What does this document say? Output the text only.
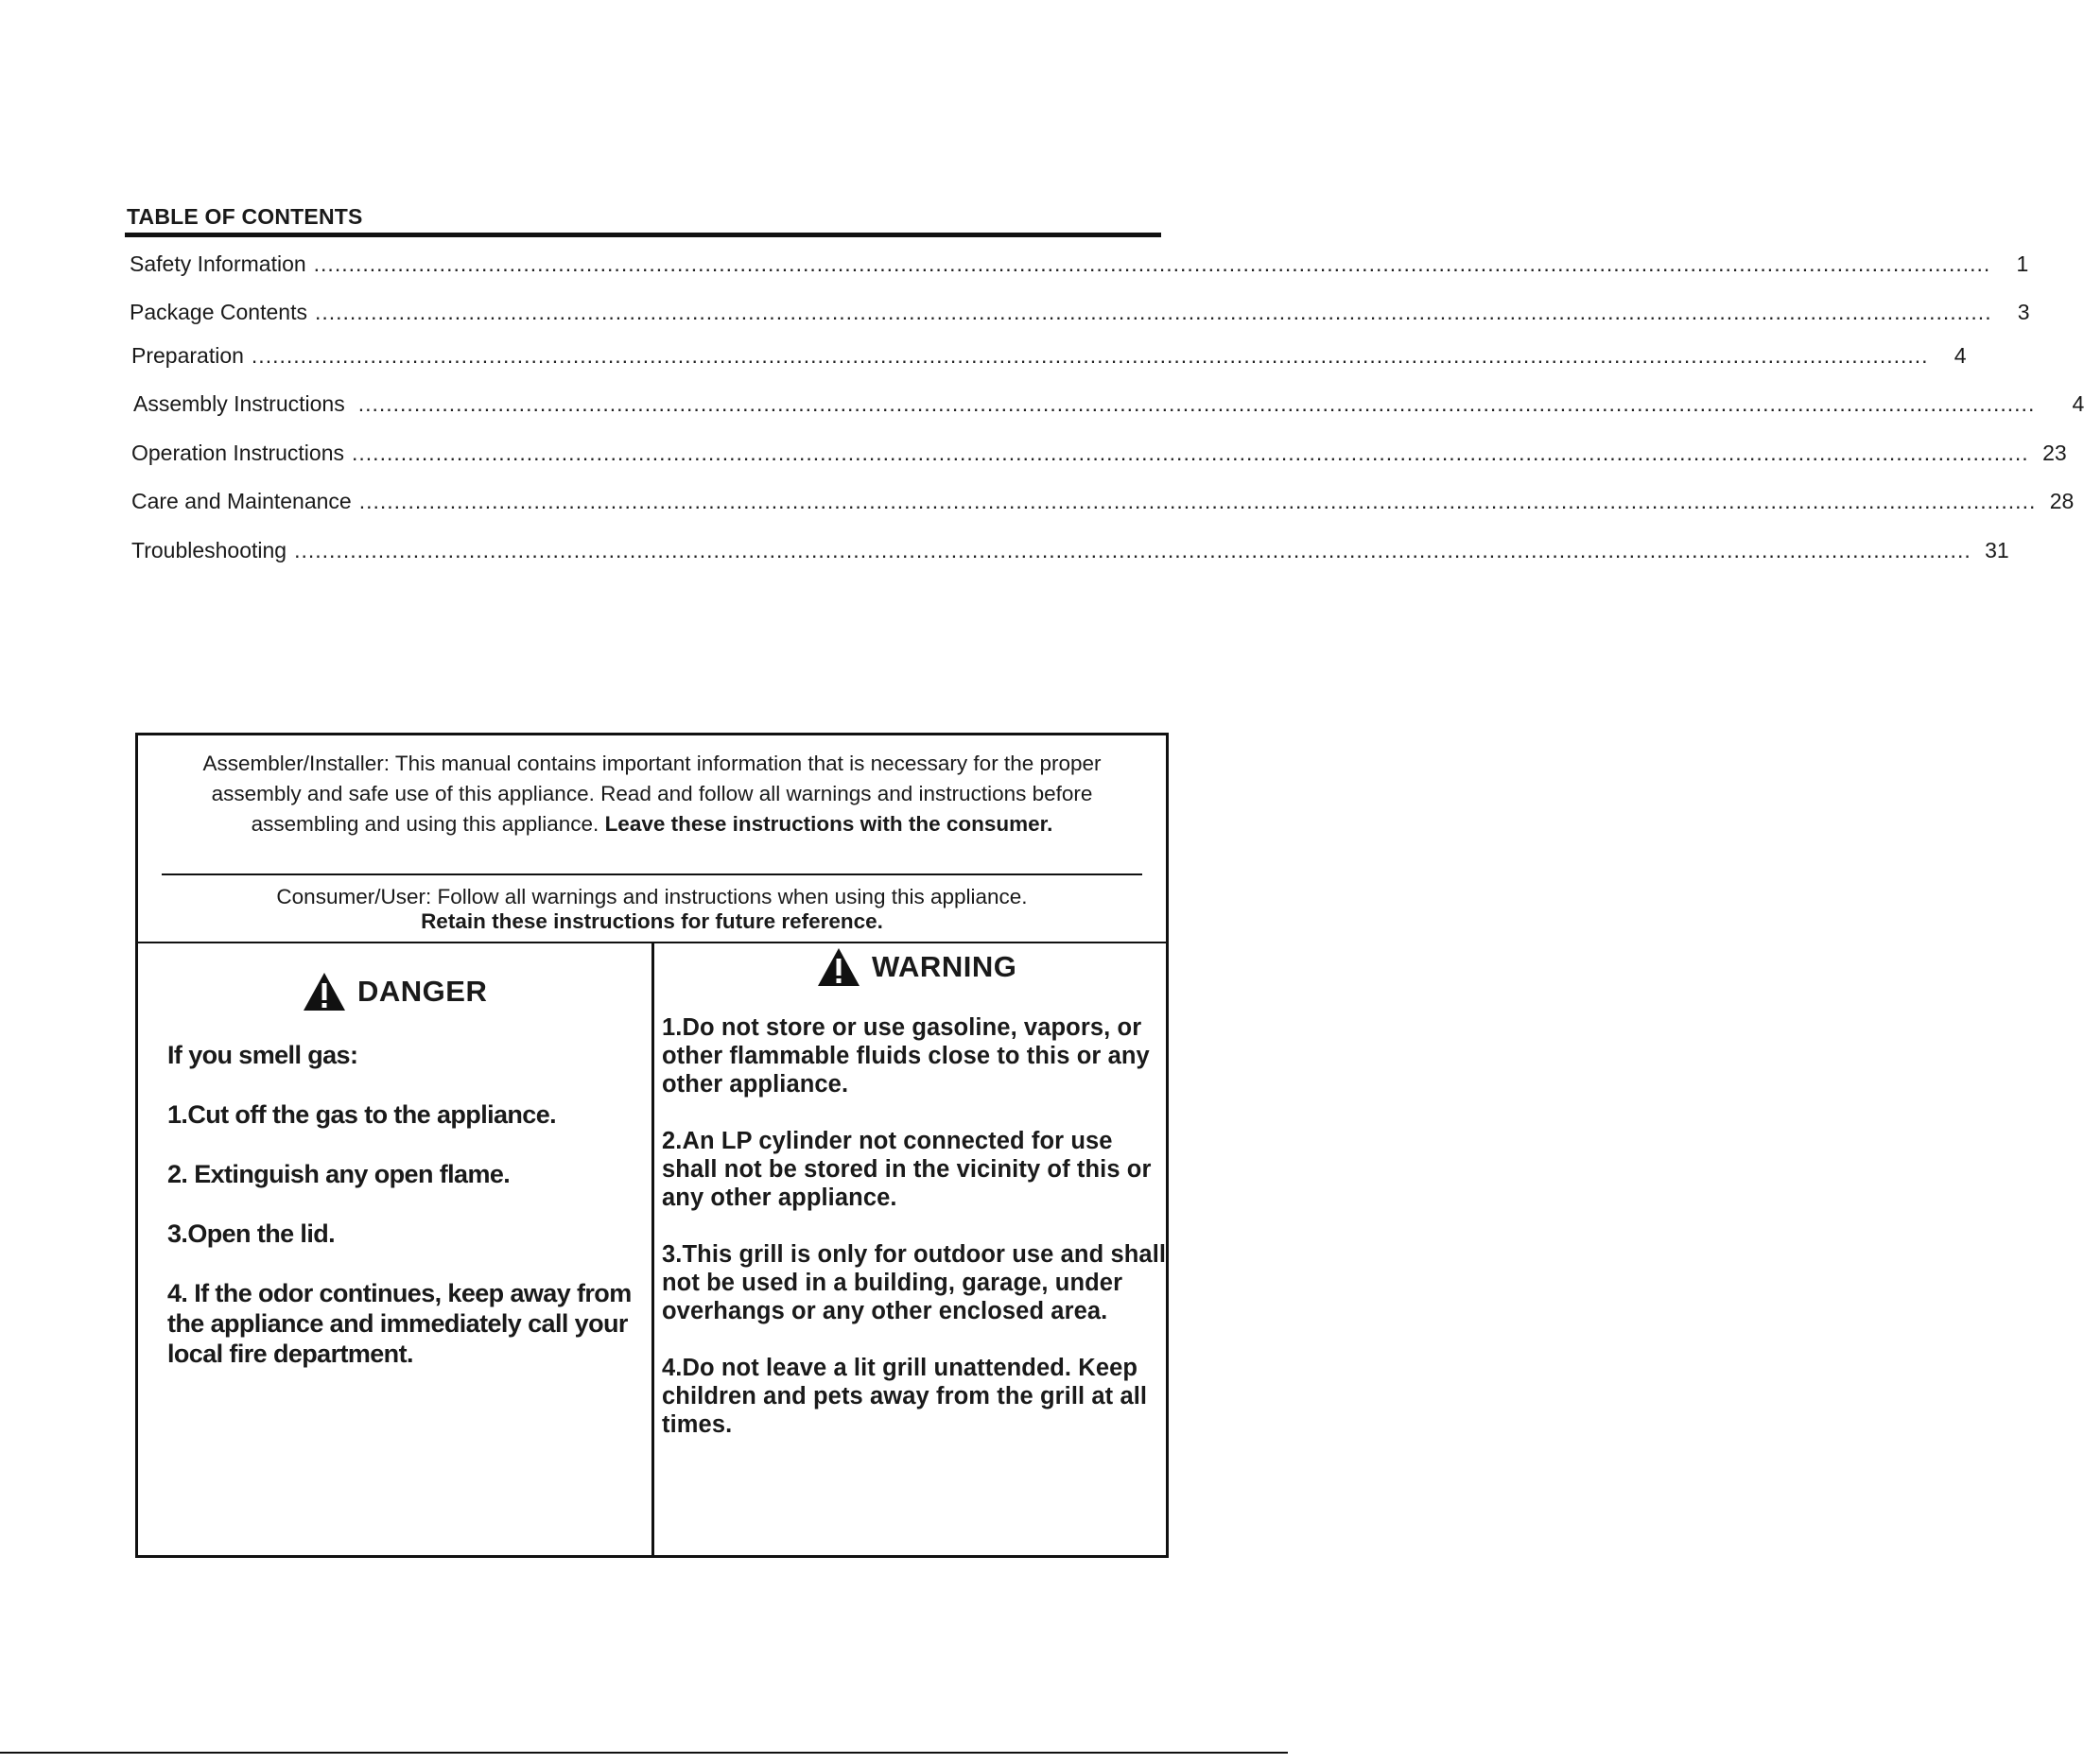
TABLE OF CONTENTS
Safety Information ................................................................................................................................................................................................................................................	1
Package Contents ................................................................................................................................................................................................................................................	3
Preparation ................................................................................................................................................................................................................................................	4
Assembly Instructions ................................................................................................................................................................................................................................................	4
Operation Instructions ................................................................................................................................................................................................................................................ 23
Care and Maintenance ................................................................................................................................................................................................................................................ 28
Troubleshooting ................................................................................................................................................................................................................................................ 31
Assembler/Installer: This manual contains important information that is necessary for the proper assembly and safe use of this appliance. Read and follow all warnings and instructions before assembling and using this appliance. Leave these instructions with the consumer.
Consumer/User: Follow all warnings and instructions when using this appliance.
Retain these instructions for future reference.
DANGER

If you smell gas:

1.Cut off the gas to the appliance.

2. Extinguish any open flame.

3.Open the lid.

4. If the odor continues, keep away from the appliance and immediately call your local fire department.

WARNING

1.Do not store or use gasoline, vapors, or other flammable fluids close to this or any other appliance.

2.An LP cylinder not connected for use shall not be stored in the vicinity of this or any other appliance.

3.This grill is only for outdoor use and shall not be used in a building, garage, under overhangs or any other enclosed area.

4.Do not leave a lit grill unattended. Keep children and pets away from the grill at all times.
